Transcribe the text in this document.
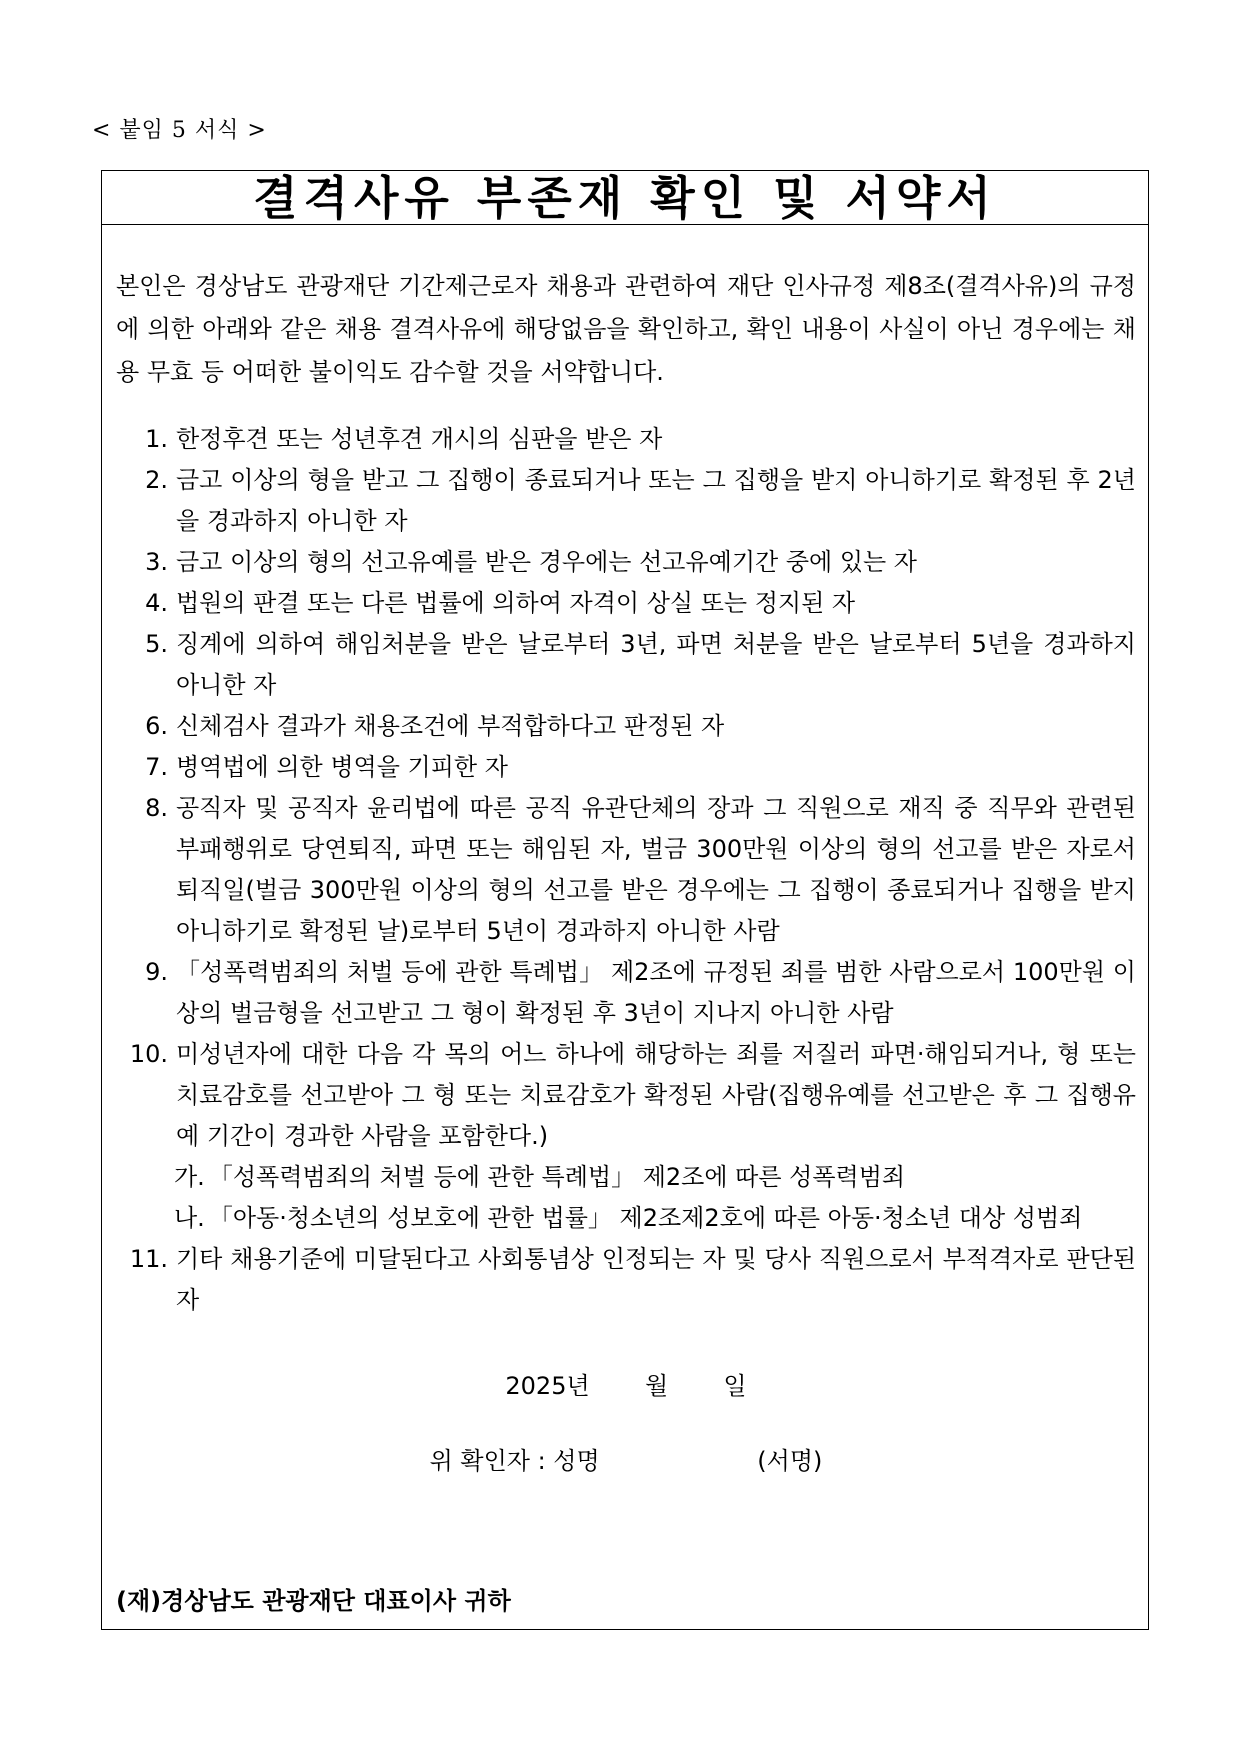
< 붙임 5 서식 >
결격사유 부존재 확인 및 서약서
본인은 경상남도 관광재단 기간제근로자 채용과 관련하여 재단 인사규정 제8조(결격사유)의 규정에 의한 아래와 같은 채용 결격사유에 해당없음을 확인하고, 확인 내용이 사실이 아닌 경우에는 채용 무효 등 어떠한 불이익도 감수할 것을 서약합니다.
1. 한정후견 또는 성년후견 개시의 심판을 받은 자
2. 금고 이상의 형을 받고 그 집행이 종료되거나 또는 그 집행을 받지 아니하기로 확정된 후 2년을 경과하지 아니한 자
3. 금고 이상의 형의 선고유예를 받은 경우에는 선고유예기간 중에 있는 자
4. 법원의 판결 또는 다른 법률에 의하여 자격이 상실 또는 정지된 자
5. 징계에 의하여 해임처분을 받은 날로부터 3년, 파면 처분을 받은 날로부터 5년을 경과하지 아니한 자
6. 신체검사 결과가 채용조건에 부적합하다고 판정된 자
7. 병역법에 의한 병역을 기피한 자
8. 공직자 및 공직자 윤리법에 따른 공직 유관단체의 장과 그 직원으로 재직 중 직무와 관련된 부패행위로 당연퇴직, 파면 또는 해임된 자, 벌금 300만원 이상의 형의 선고를 받은 자로서 퇴직일(벌금 300만원 이상의 형의 선고를 받은 경우에는 그 집행이 종료되거나 집행을 받지 아니하기로 확정된 날)로부터 5년이 경과하지 아니한 사람
9. 「성폭력범죄의 처벌 등에 관한 특례법」 제2조에 규정된 죄를 범한 사람으로서 100만원 이상의 벌금형을 선고받고 그 형이 확정된 후 3년이 지나지 아니한 사람
10. 미성년자에 대한 다음 각 목의 어느 하나에 해당하는 죄를 저질러 파면·해임되거나, 형 또는 치료감호를 선고받아 그 형 또는 치료감호가 확정된 사람(집행유예를 선고받은 후 그 집행유예 기간이 경과한 사람을 포함한다.)
가. 「성폭력범죄의 처벌 등에 관한 특례법」 제2조에 따른 성폭력범죄
나. 「아동·청소년의 성보호에 관한 법률」 제2조제2호에 따른 아동·청소년 대상 성범죄
11. 기타 채용기준에 미달된다고 사회통념상 인정되는 자 및 당사 직원으로서 부적격자로 판단된 자
2025년 월 일
위 확인자 : 성명	(서명)
(재)경상남도 관광재단 대표이사 귀하
